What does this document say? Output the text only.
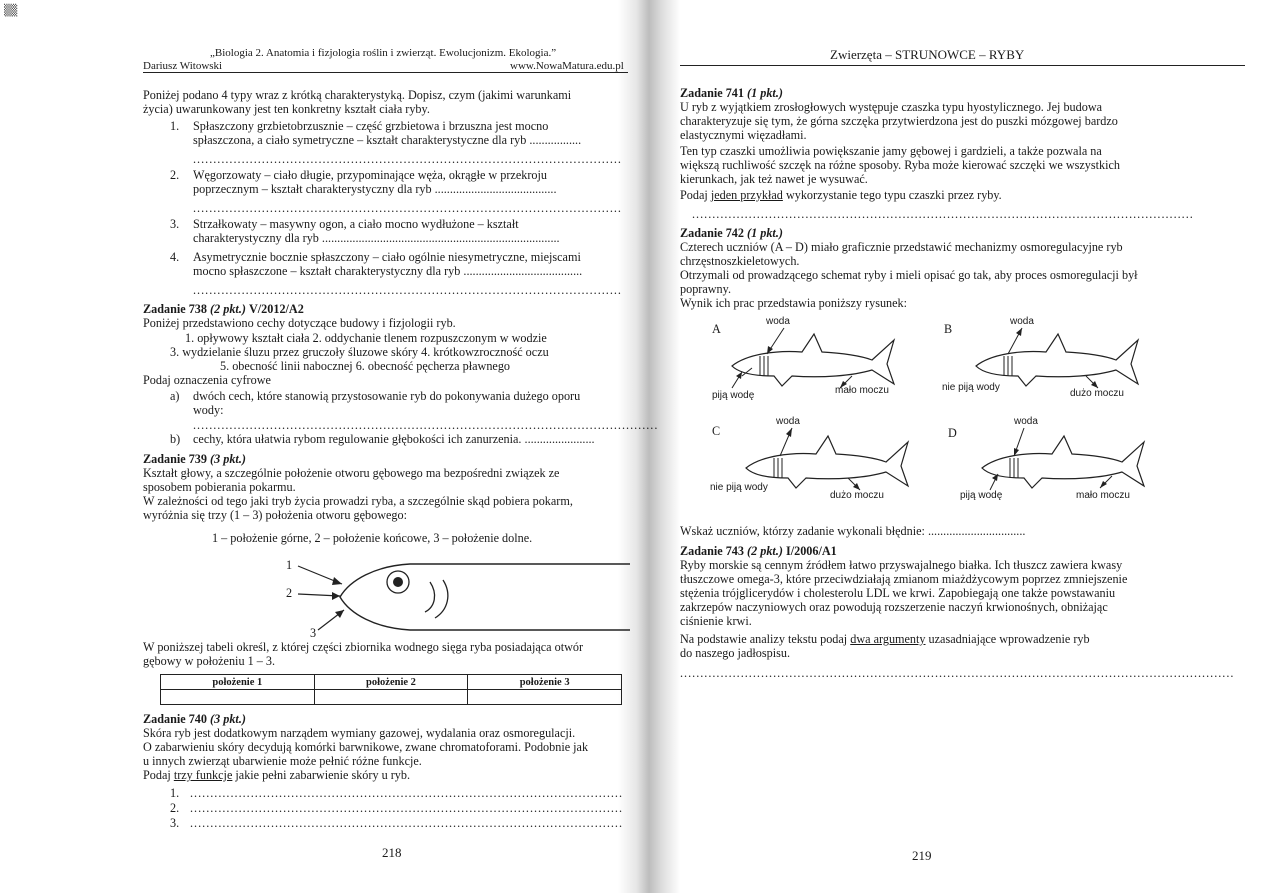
▒▒
„Biologia 2. Anatomia i fizjologia roślin i zwierząt. Ewolucjonizm. Ekologia.”
Dariusz Witowski	www.NowaMatura.edu.pl
Poniżej podano 4 typy wraz z krótką charakterystyką. Dopisz, czym (jakimi warunkami
życia) uwarunkowany jest ten konkretny kształt ciała ryby.
1. Spłaszczony grzbietobrzusznie – część grzbietowa i brzuszna jest mocno
spłaszczona, a ciało symetryczne – kształt charakterystyczne dla ryb .................
..........................................................................................................
2. Węgorzowaty – ciało długie, przypominające węża, okrągłe w przekroju
poprzecznym – kształt charakterystyczny dla ryb ........................................
..........................................................................................................
3. Strzałkowaty – masywny ogon, a ciało mocno wydłużone – kształt
charakterystyczny dla ryb ..............................................................................
4. Asymetrycznie bocznie spłaszczony – ciało ogólnie niesymetryczne, miejscami
mocno spłaszczone – kształt charakterystyczny dla ryb .......................................
..........................................................................................................
Zadanie 738 (2 pkt.) V/2012/A2
Poniżej przedstawiono cechy dotyczące budowy i fizjologii ryb.
1. opływowy kształt ciała 2. oddychanie tlenem rozpuszczonym w wodzie
3. wydzielanie śluzu przez gruczoły śluzowe skóry 4. krótkowzroczność oczu
5. obecność linii nabocznej 6. obecność pęcherza pławnego
Podaj oznaczenia cyfrowe
a) dwóch cech, które stanowią przystosowanie ryb do pokonywania dużego oporu
wody:
...................................................................................................................
b) cechy, która ułatwia rybom regulowanie głębokości ich zanurzenia. .......................
Zadanie 739 (3 pkt.)
Kształt głowy, a szczególnie położenie otworu gębowego ma bezpośredni związek ze
sposobem pobierania pokarmu.
W zależności od tego jaki tryb życia prowadzi ryba, a szczególnie skąd pobiera pokarm,
wyróżnia się trzy (1 – 3) położenia otworu gębowego:
1 – położenie górne, 2 – położenie końcowe, 3 – położenie dolne.
1
2
3
W poniższej tabeli określ, z której części zbiornika wodnego sięga ryba posiadająca otwór
gębowy w położeniu 1 – 3.
położenie 1	położenie 2	położenie 3

Zadanie 740 (3 pkt.)
Skóra ryb jest dodatkowym narządem wymiany gazowej, wydalania oraz osmoregulacji.
O zabarwieniu skóry decydują komórki barwnikowe, zwane chromatoforami. Podobnie jak
u innych zwierząt ubarwienie może pełnić różne funkcje.
Podaj trzy funkcje jakie pełni zabarwienie skóry u ryb.
1. ...........................................................................................................
2. ...........................................................................................................
3. ...........................................................................................................
218
Zwierzęta – STRUNOWCE – RYBY
Zadanie 741 (1 pkt.)
U ryb z wyjątkiem zrosłogłowych występuje czaszka typu hyostylicznego. Jej budowa
charakteryzuje się tym, że górna szczęka przytwierdzona jest do puszki mózgowej bardzo
elastycznymi więzadłami.
Ten typ czaszki umożliwia powiększanie jamy gębowej i gardzieli, a także pozwala na
większą ruchliwość szczęk na różne sposoby. Ryba może kierować szczęki we wszystkich
kierunkach, jak też nawet je wysuwać.
Podaj jeden przykład wykorzystanie tego typu czaszki przez ryby.
............................................................................................................................
Zadanie 742 (1 pkt.)
Czterech uczniów (A – D) miało graficznie przedstawić mechanizmy osmoregulacyjne ryb
chrzęstnoszkieletowych.
Otrzymali od prowadzącego schemat ryby i mieli opisać go tak, aby proces osmoregulacji był
poprawny.
Wynik ich prac przedstawia poniższy rysunek:
A
woda
piją wodę	mało moczu
B
woda
nie piją wody
dużo moczu
C
woda
nie piją wody
dużo moczu
D
woda
piją wodę	mało moczu
Wskaż uczniów, którzy zadanie wykonali błędnie: ................................
Zadanie 743 (2 pkt.) I/2006/A1
Ryby morskie są cennym źródłem łatwo przyswajalnego białka. Ich tłuszcz zawiera kwasy
tłuszczowe omega-3, które przeciwdziałają zmianom miażdżycowym poprzez zmniejszenie
stężenia trójglicerydów i cholesterolu LDL we krwi. Zapobiegają one także powstawaniu
zakrzepów naczyniowych oraz powodują rozszerzenie naczyń krwionośnych, obniżając
ciśnienie krwi.
Na podstawie analizy tekstu podaj dwa argumenty uzasadniające wprowadzenie ryb
do naszego jadłospisu.
.........................................................................................................................................
219
